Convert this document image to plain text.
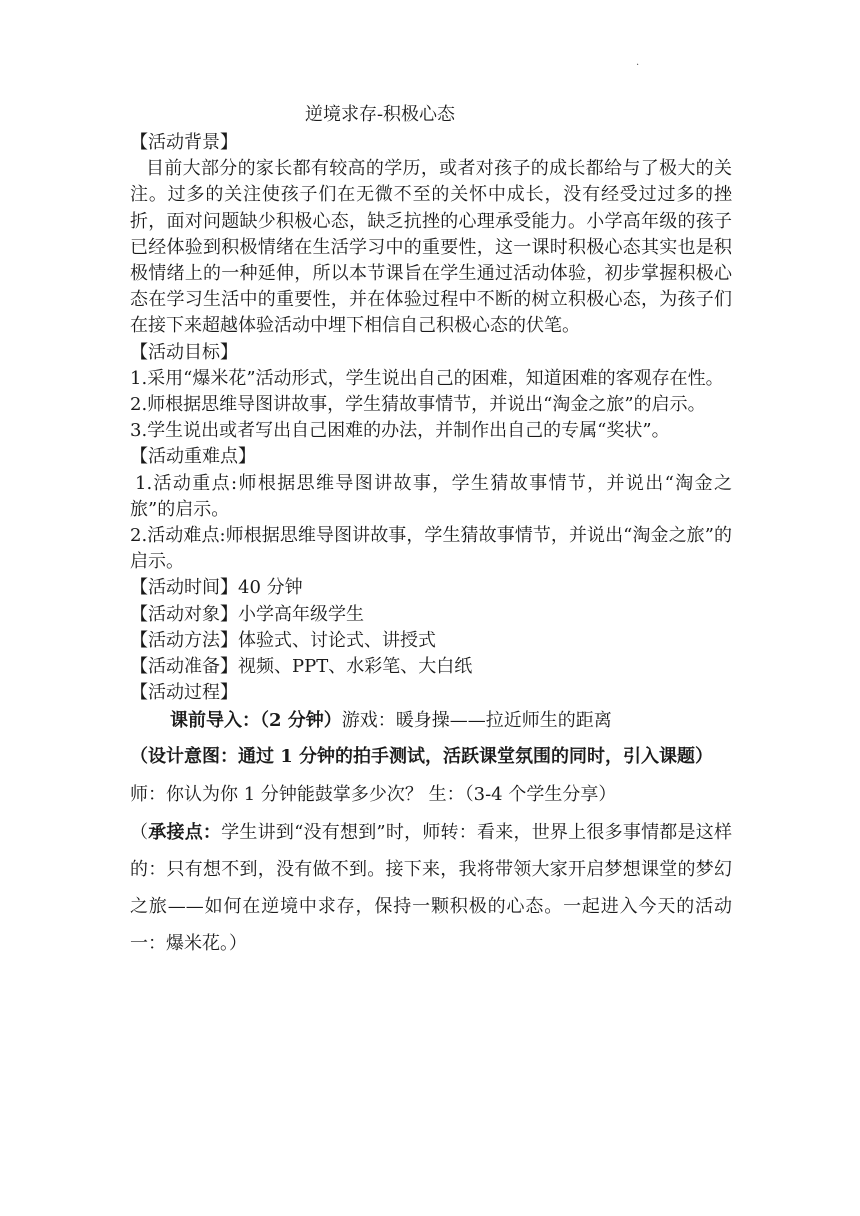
.
逆境求存-积极心态

【活动背景】

目前大部分的家长都有较高的学历，或者对孩子的成长都给与了极大的关注。过多的关注使孩子们在无微不至的关怀中成长，没有经受过过多的挫折，面对问题缺少积极心态，缺乏抗挫的心理承受能力。小学高年级的孩子已经体验到积极情绪在生活学习中的重要性，这一课时积极心态其实也是积极情绪上的一种延伸，所以本节课旨在学生通过活动体验，初步掌握积极心态在学习生活中的重要性，并在体验过程中不断的树立积极心态，为孩子们在接下来超越体验活动中埋下相信自己积极心态的伏笔。

【活动目标】

1.采用“爆米花”活动形式，学生说出自己的困难，知道困难的客观存在性。

2.师根据思维导图讲故事，学生猜故事情节，并说出“淘金之旅”的启示。

3.学生说出或者写出自己困难的办法，并制作出自己的专属“奖状”。

【活动重难点】

1.活动重点:师根据思维导图讲故事，学生猜故事情节，并说出“淘金之旅”的启示。

2.活动难点:师根据思维导图讲故事，学生猜故事情节，并说出“淘金之旅”的启示。

【活动时间】40 分钟

【活动对象】小学高年级学生

【活动方法】体验式、讨论式、讲授式

【活动准备】视频、PPT、水彩笔、大白纸

【活动过程】

课前导入：（2 分钟）游戏：暖身操——拉近师生的距离

（设计意图：通过 1 分钟的拍手测试，活跃课堂氛围的同时，引入课题）

师：你认为你 1 分钟能鼓掌多少次？ 生：（3-4 个学生分享）

（承接点：学生讲到“没有想到”时，师转：看来，世界上很多事情都是这样的：只有想不到，没有做不到。接下来，我将带领大家开启梦想课堂的梦幻之旅——如何在逆境中求存，保持一颗积极的心态。一起进入今天的活动一：爆米花。）
